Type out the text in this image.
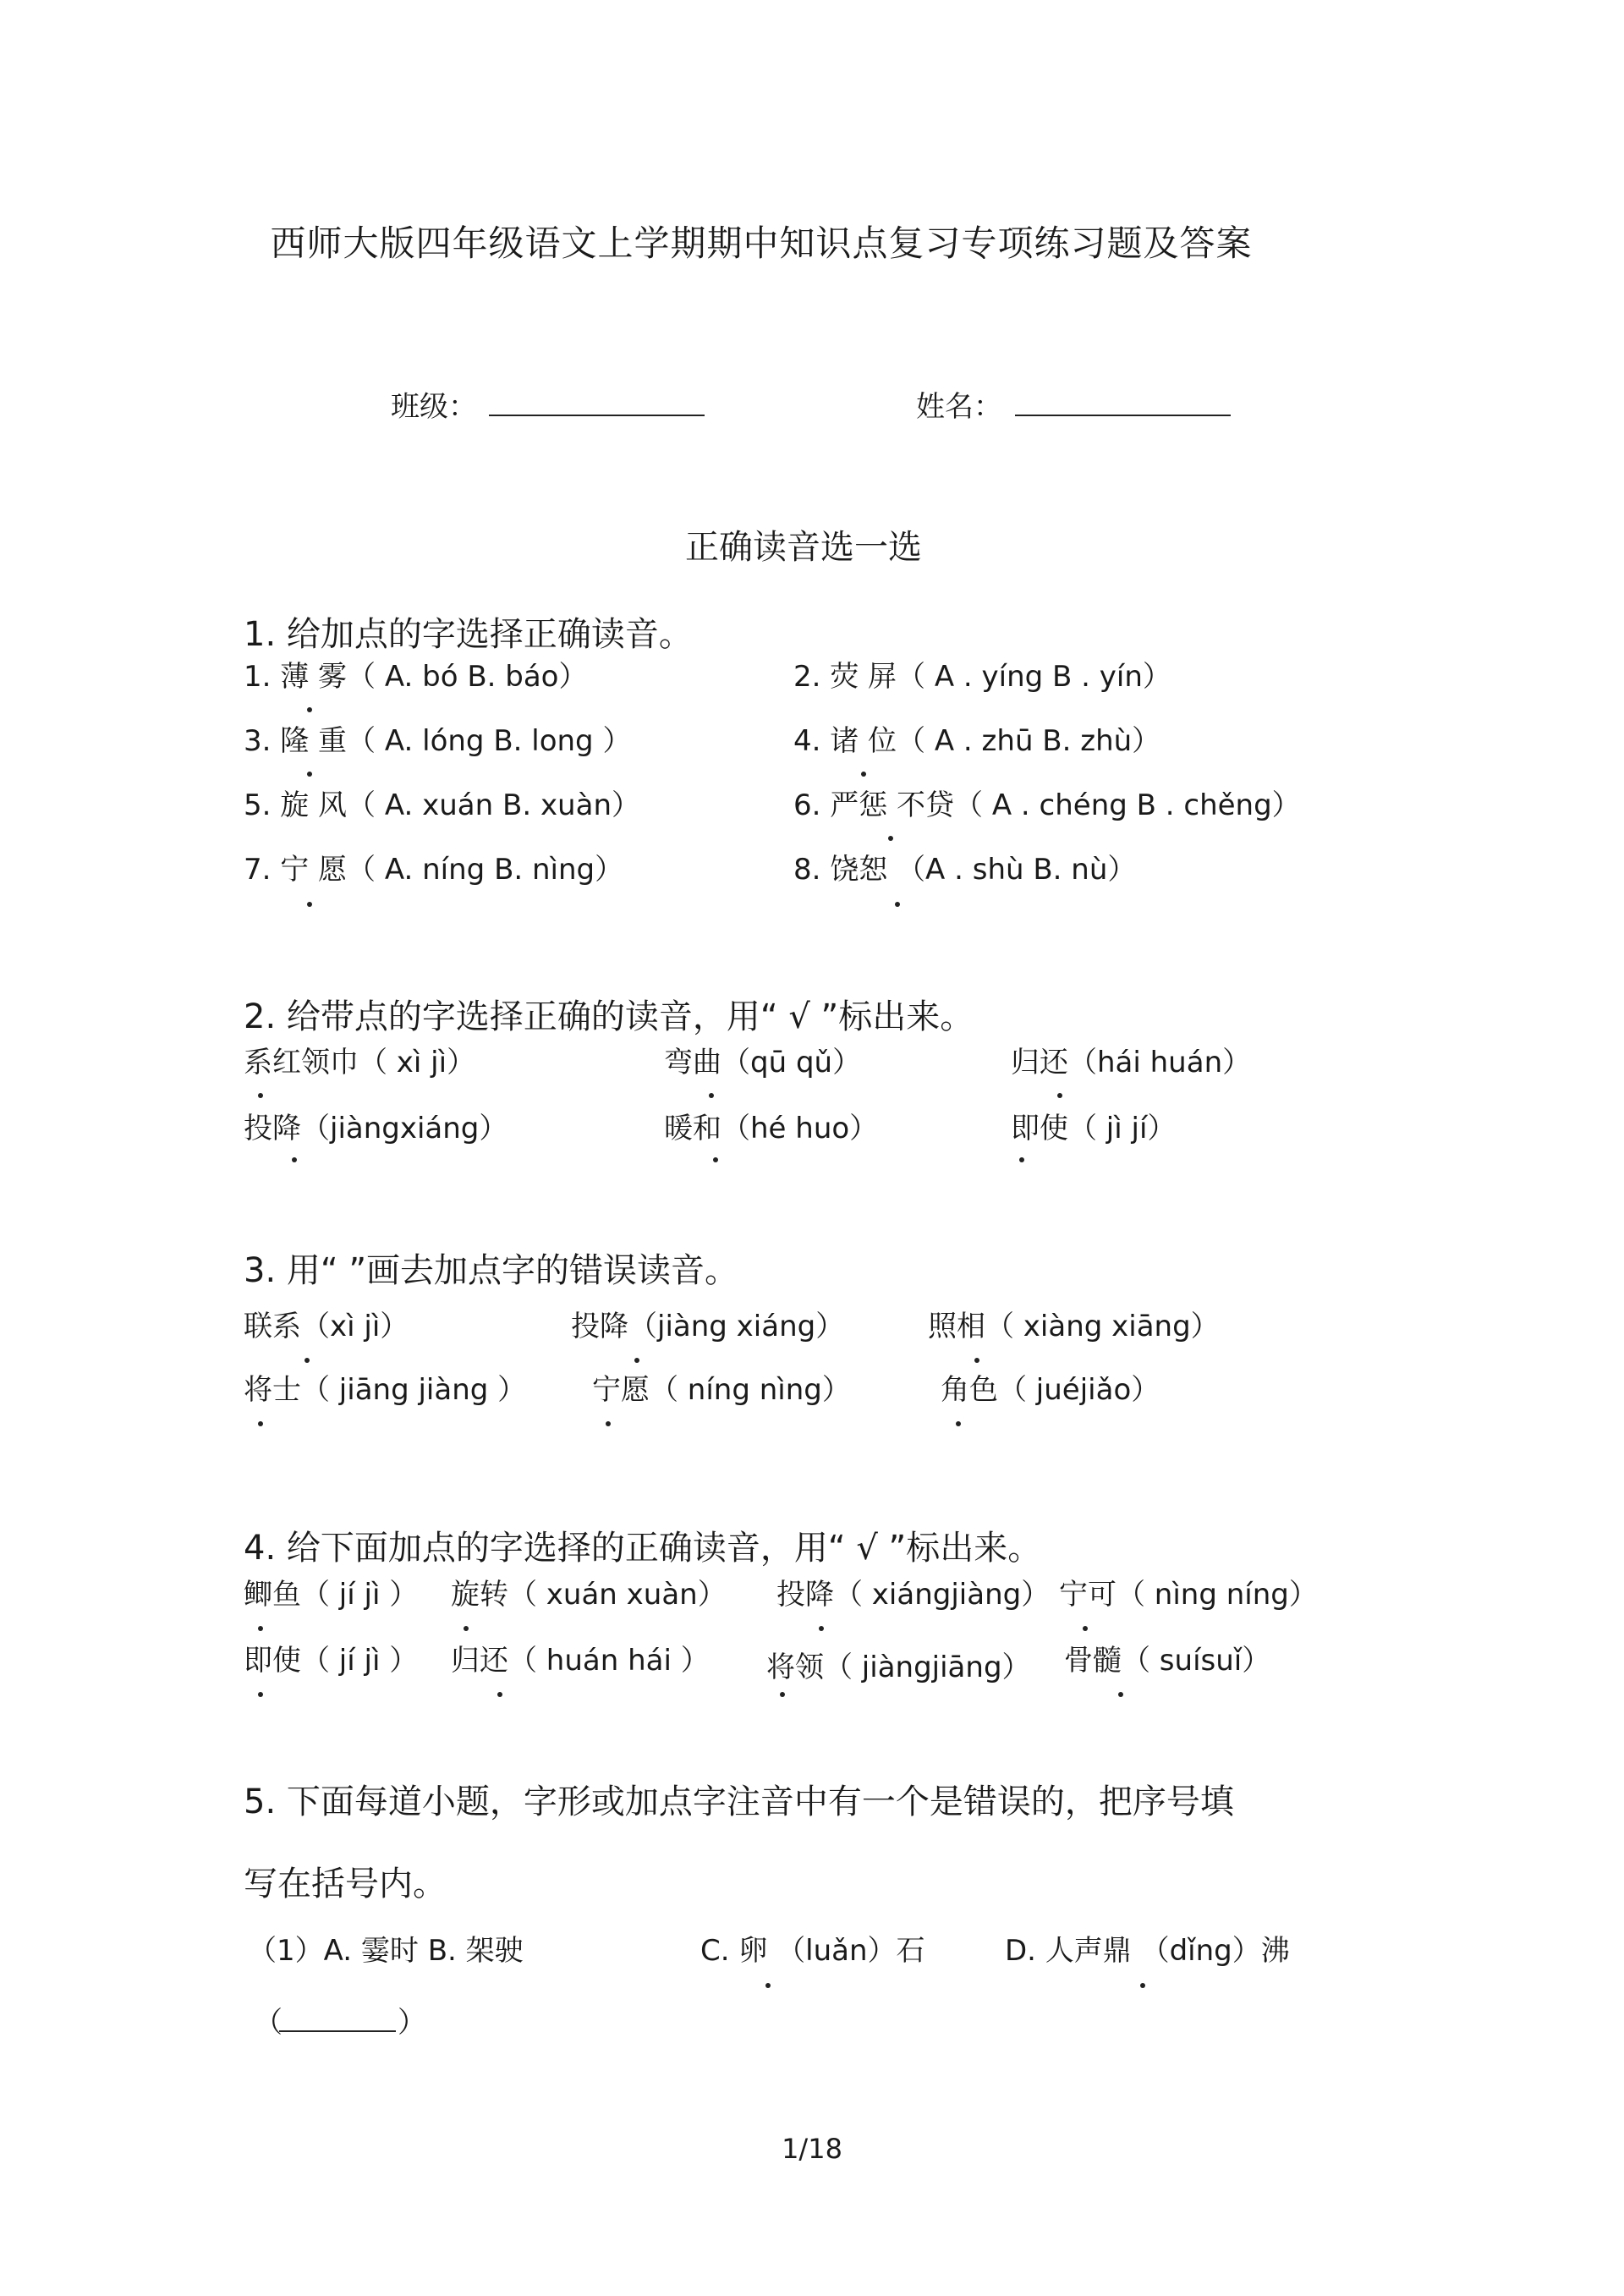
西师大版四年级语文上学期期中知识点复习专项练习题及答案
班级：	姓名：
正确读音选一选
1. 给加点的字选择正确读音。
1. 薄 雾（ A. bó B. báo）	2. 荧 屏（ A . yíng B . yín）
3. 隆 重（ A. lóng B. long ）	4. 诸 位（ A . zhū B. zhù）
5. 旋 风（ A. xuán B. xuàn）	6. 严惩 不贷（ A . chéng B . chěng）
7. 宁 愿（ A. níng B. nìng）	8. 饶恕 （A . shù B. nù）
2. 给带点的字选择正确的读音，用“ √ ”标出来。
系红领巾（ xì jì）	弯曲（qū qǔ）	归还（hái huán）
投降（jiàngxiáng）	暖和（hé huo）	即使（ jì jí）
3. 用“ ”画去加点字的错误读音。
联系（xì jì）	投降（jiàng xiáng）	照相（ xiàng xiāng）
将士（ jiāng jiàng ） 宁愿（ níng nìng）	角色（ juéjiǎo）
4. 给下面加点的字选择的正确读音，用“ √ ”标出来。
鲫鱼（ jí jì ） 旋转（ xuán xuàn） 投降（ xiángjiàng） 宁可（ nìng níng）
即使（ jí jì ） 归还（ huán hái ） 将领（ jiàngjiāng） 骨髓（ suísuǐ）
5. 下面每道小题，字形或加点字注音中有一个是错误的，把序号填
写在括号内。
（1）A. 霎时 B. 架驶	C. 卵 （luǎn）石	D. 人声鼎 （dǐng）沸
（	）
1/18
